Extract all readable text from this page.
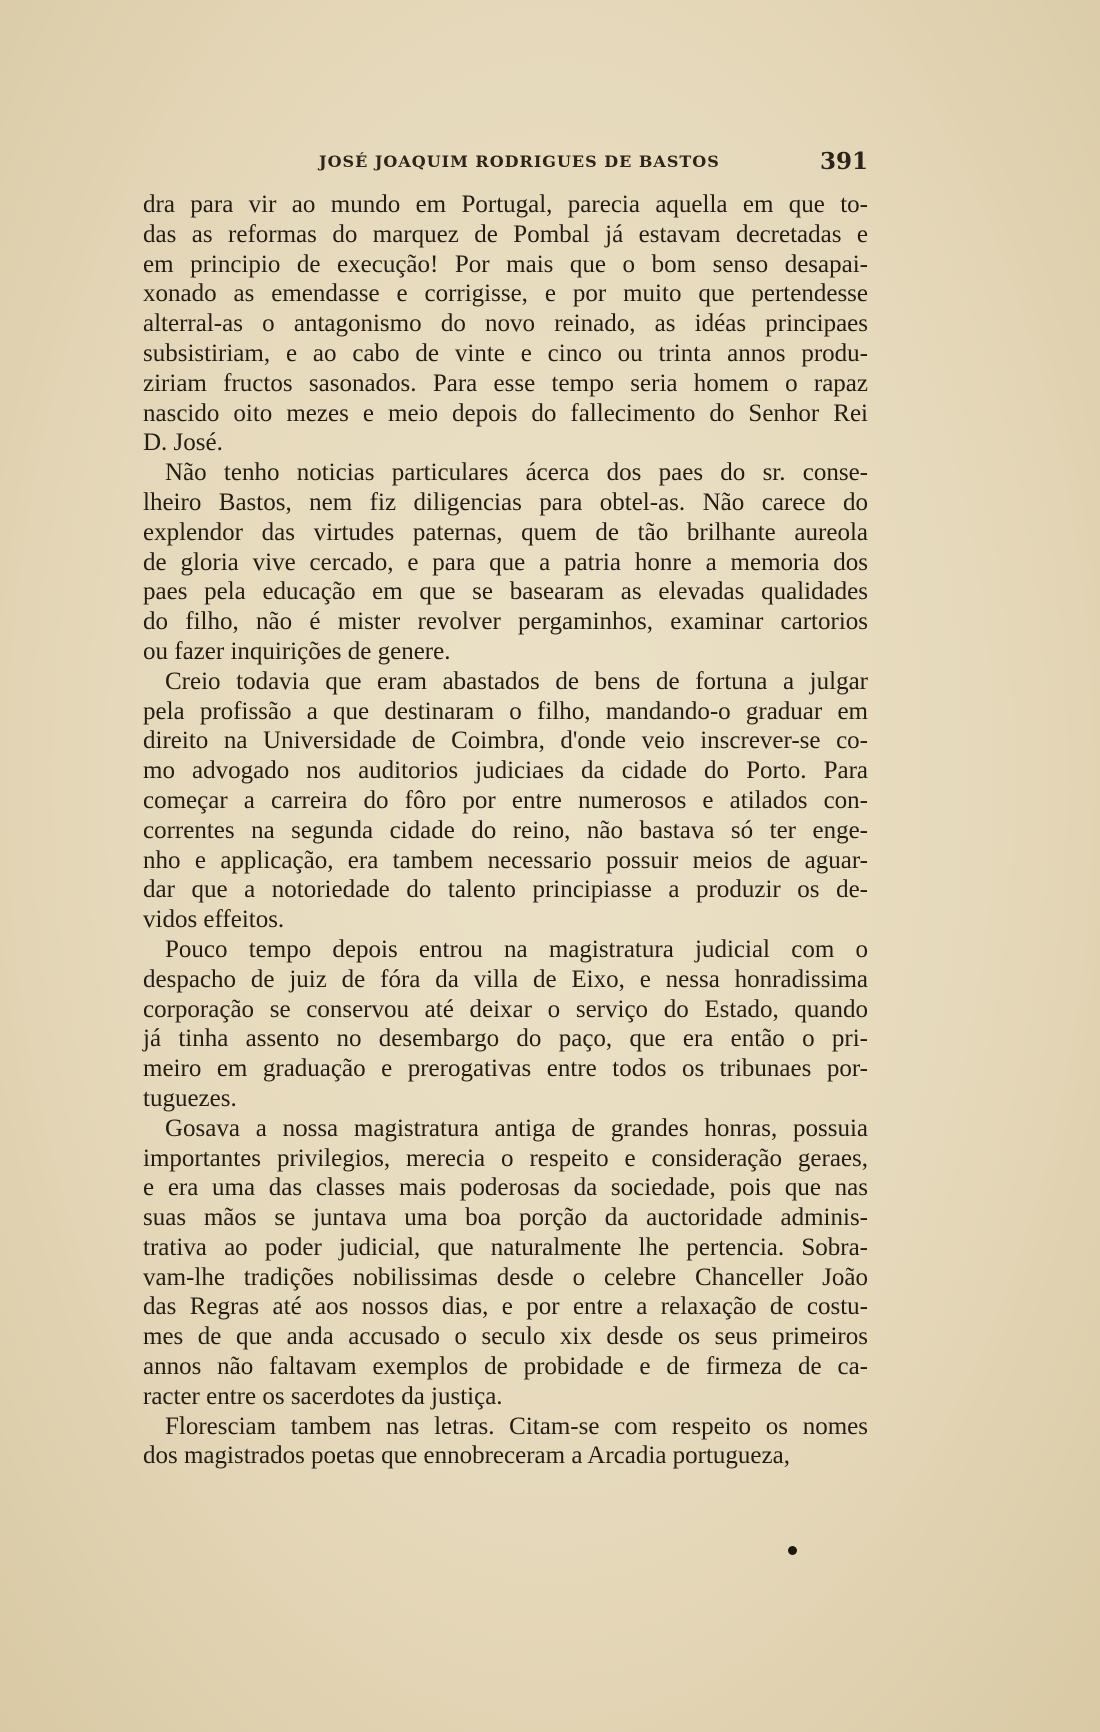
JOSÉ JOAQUIM RODRIGUES DE BASTOS	391
dra para vir ao mundo em Portugal, parecia aquella em que to-
das as reformas do marquez de Pombal já estavam decretadas e
em principio de execução! Por mais que o bom senso desapai-
xonado as emendasse e corrigisse, e por muito que pertendesse
alterral-as o antagonismo do novo reinado, as idéas principaes
subsistiriam, e ao cabo de vinte e cinco ou trinta annos produ-
ziriam fructos sasonados. Para esse tempo seria homem o rapaz
nascido oito mezes e meio depois do fallecimento do Senhor Rei
D. José.
Não tenho noticias particulares ácerca dos paes do sr. conse-
lheiro Bastos, nem fiz diligencias para obtel-as. Não carece do
explendor das virtudes paternas, quem de tão brilhante aureola
de gloria vive cercado, e para que a patria honre a memoria dos
paes pela educação em que se basearam as elevadas qualidades
do filho, não é mister revolver pergaminhos, examinar cartorios
ou fazer inquirições de genere.
Creio todavia que eram abastados de bens de fortuna a julgar
pela profissão a que destinaram o filho, mandando-o graduar em
direito na Universidade de Coimbra, d'onde veio inscrever-se co-
mo advogado nos auditorios judiciaes da cidade do Porto. Para
começar a carreira do fôro por entre numerosos e atilados con-
correntes na segunda cidade do reino, não bastava só ter enge-
nho e applicação, era tambem necessario possuir meios de aguar-
dar que a notoriedade do talento principiasse a produzir os de-
vidos effeitos.
Pouco tempo depois entrou na magistratura judicial com o
despacho de juiz de fóra da villa de Eixo, e nessa honradissima
corporação se conservou até deixar o serviço do Estado, quando
já tinha assento no desembargo do paço, que era então o pri-
meiro em graduação e prerogativas entre todos os tribunaes por-
tuguezes.
Gosava a nossa magistratura antiga de grandes honras, possuia
importantes privilegios, merecia o respeito e consideração geraes,
e era uma das classes mais poderosas da sociedade, pois que nas
suas mãos se juntava uma boa porção da auctoridade adminis-
trativa ao poder judicial, que naturalmente lhe pertencia. Sobra-
vam-lhe tradições nobilissimas desde o celebre Chanceller João
das Regras até aos nossos dias, e por entre a relaxação de costu-
mes de que anda accusado o seculo xix desde os seus primeiros
annos não faltavam exemplos de probidade e de firmeza de ca-
racter entre os sacerdotes da justiça.
Floresciam tambem nas letras. Citam-se com respeito os nomes
dos magistrados poetas que ennobreceram a Arcadia portugueza,
